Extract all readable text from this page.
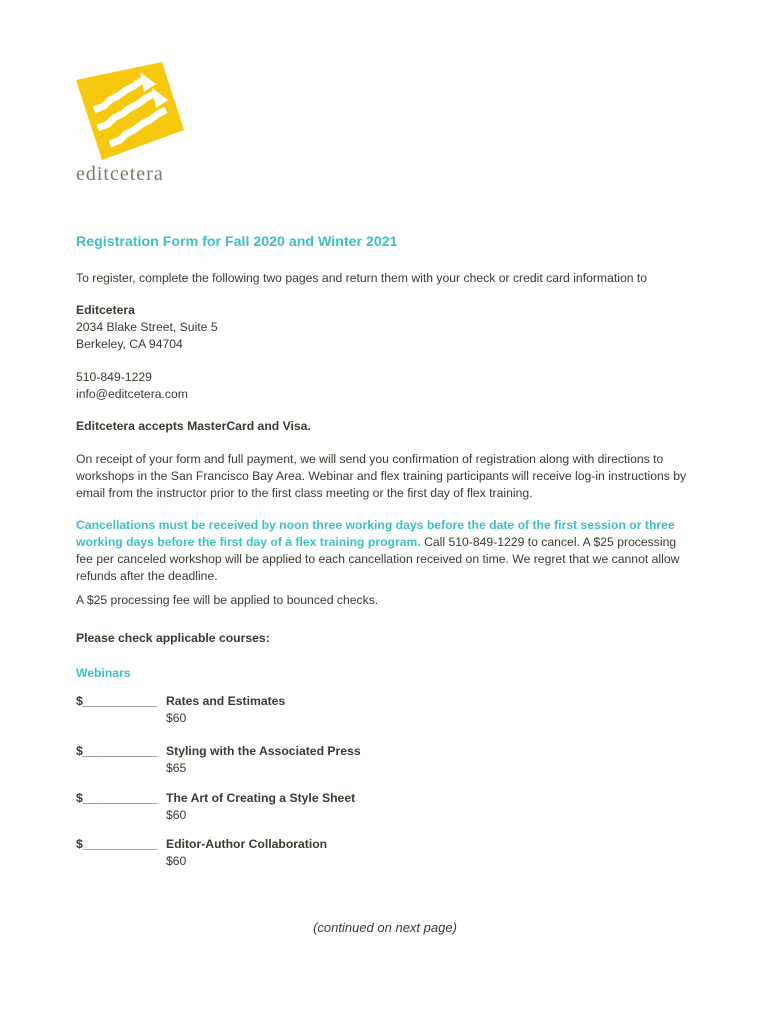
editcetera
Registration Form for Fall 2020 and Winter 2021

To register, complete the following two pages and return them with your check or credit card information to

Editcetera

2034 Blake Street, Suite 5

Berkeley, CA 94704

510-849-1229

info@editcetera.com

Editcetera accepts MasterCard and Visa.

On receipt of your form and full payment, we will send you confirmation of registration along with directions to workshops in the San Francisco Bay Area. Webinar and flex training participants will receive log-in instructions by email from the instructor prior to the first class meeting or the first day of flex training.

Cancellations must be received by noon three working days before the date of the first session or three working days before the first day of a flex training program. Call 510-849-1229 to cancel. A $25 processing fee per canceled workshop will be applied to each cancellation received on time. We regret that we cannot allow refunds after the deadline.

A $25 processing fee will be applied to bounced checks.

Please check applicable courses:

Webinars

$___________ Rates and Estimates
$60
$___________ Styling with the Associated Press
$65
$___________ The Art of Creating a Style Sheet
$60
$___________ Editor-Author Collaboration
$60
(continued on next page)
